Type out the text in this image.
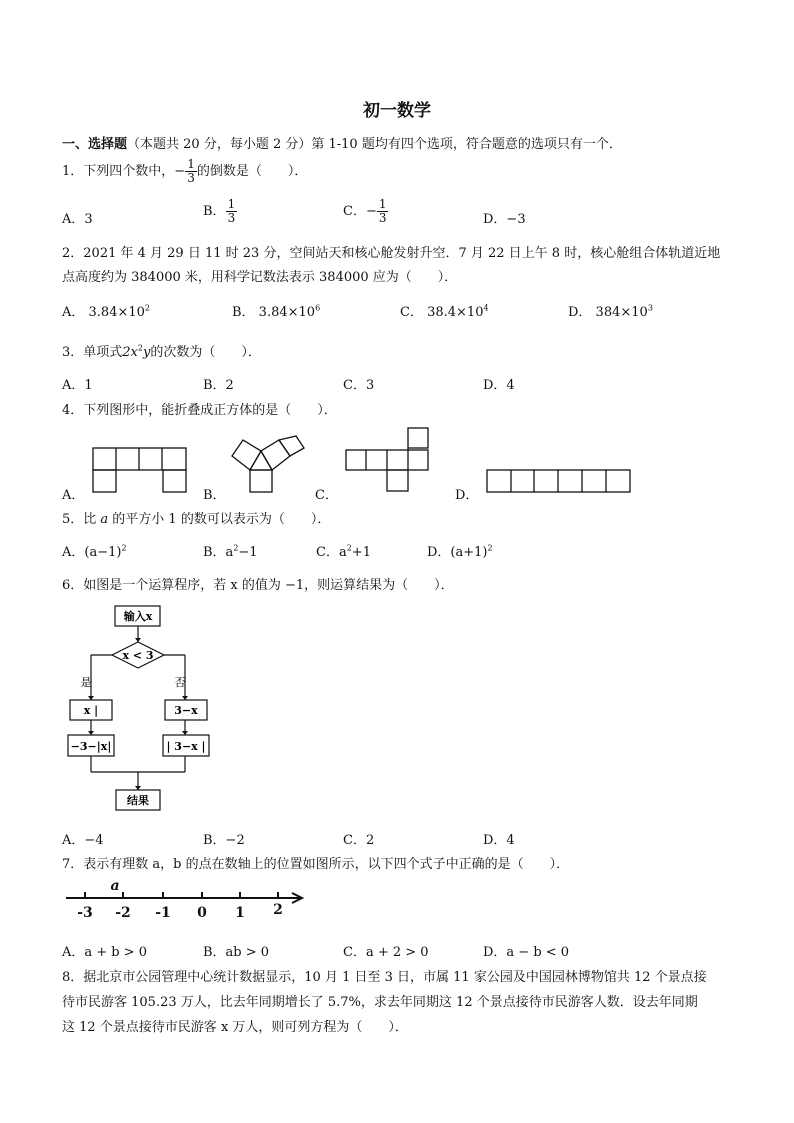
初一数学
一、选择题（本题共 20 分，每小题 2 分）第 1-10 题均有四个选项，符合题意的选项只有一个．
1．下列四个数中，− $\frac{1}{3}$ 的倒数是（　　）．
A．3
B． $\frac{1}{3}$	C．− $\frac{1}{3}$	D．−3
2．2021 年 4 月 29 日 11 时 23 分，空间站天和核心舱发射升空．7 月 22 日上午 8 时，核心舱组合体轨道近地
点高度约为 384000 米，用科学记数法表示 384000 应为（　　）．
A． $3.84\times 10^2$	B． $3.84\times 10^6$	C． $38.4\times 10^4$	D． $384\times 10^3$
3．单项式$2x^2y$的次数为（　　）．
A．1	B．2	C．3	D．4
4．下列图形中，能折叠成正方体的是（　　）．
A．	B．	C．	D．
5．比 a 的平方小 1 的数可以表示为（　　）．
A．$(a-1)^2$	B．$a^2-1$	C．$a^2+1$	D．$(a+1)^2$
6．如图是一个运算程序，若 x 的值为 −1，则运算结果为（　　）．
输入x
x < 3
是	否
x |
−3−|x|
3−x
| 3−x |
结果
A．−4	B．−2	C．2	D．4
7．表示有理数 a，b 的点在数轴上的位置如图所示，以下四个式子中正确的是（　　）．
a
-3 -2 -1 0 1 2
A．a + b > 0	B．ab > 0	C．a + 2 > 0	D．a − b < 0
8．据北京市公园管理中心统计数据显示，10 月 1 日至 3 日，市属 11 家公园及中国园林博物馆共 12 个景点接
待市民游客 105.23 万人，比去年同期增长了 5.7%，求去年同期这 12 个景点接待市民游客人数．设去年同期
这 12 个景点接待市民游客 x 万人，则可列方程为（　　）．
